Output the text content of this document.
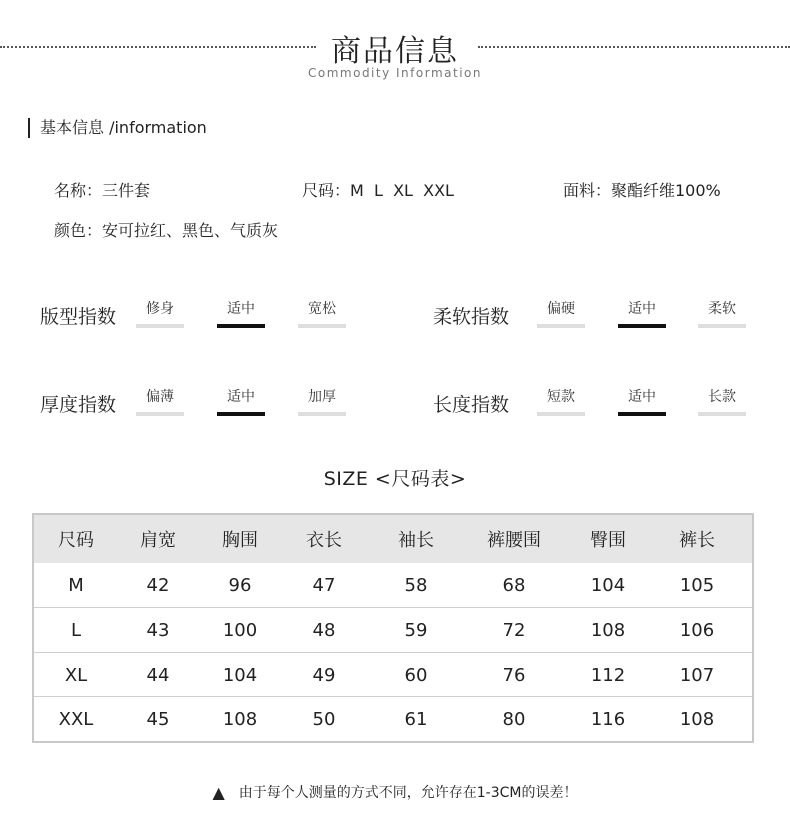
商品信息
Commodity Information
基本信息 /information
名称：三件套	尺码：M  L  XL  XXL	面料：聚酯纤维100%
颜色：安可拉红、黑色、气质灰
版型指数	修身	适中	宽松	柔软指数	偏硬	适中	柔软
厚度指数	偏薄	适中	加厚	长度指数	短款	适中	长款
SIZE <尺码表>
尺码	肩宽	胸围	衣长	袖长	裤腰围	臀围	裤长
M	42	96	47	58	68	104	105
L	43	100	48	59	72	108	106
XL	44	104	49	60	76	112	107
XXL	45	108	50	61	80	116	108
▲ 由于每个人测量的方式不同，允许存在1-3CM的误差！
